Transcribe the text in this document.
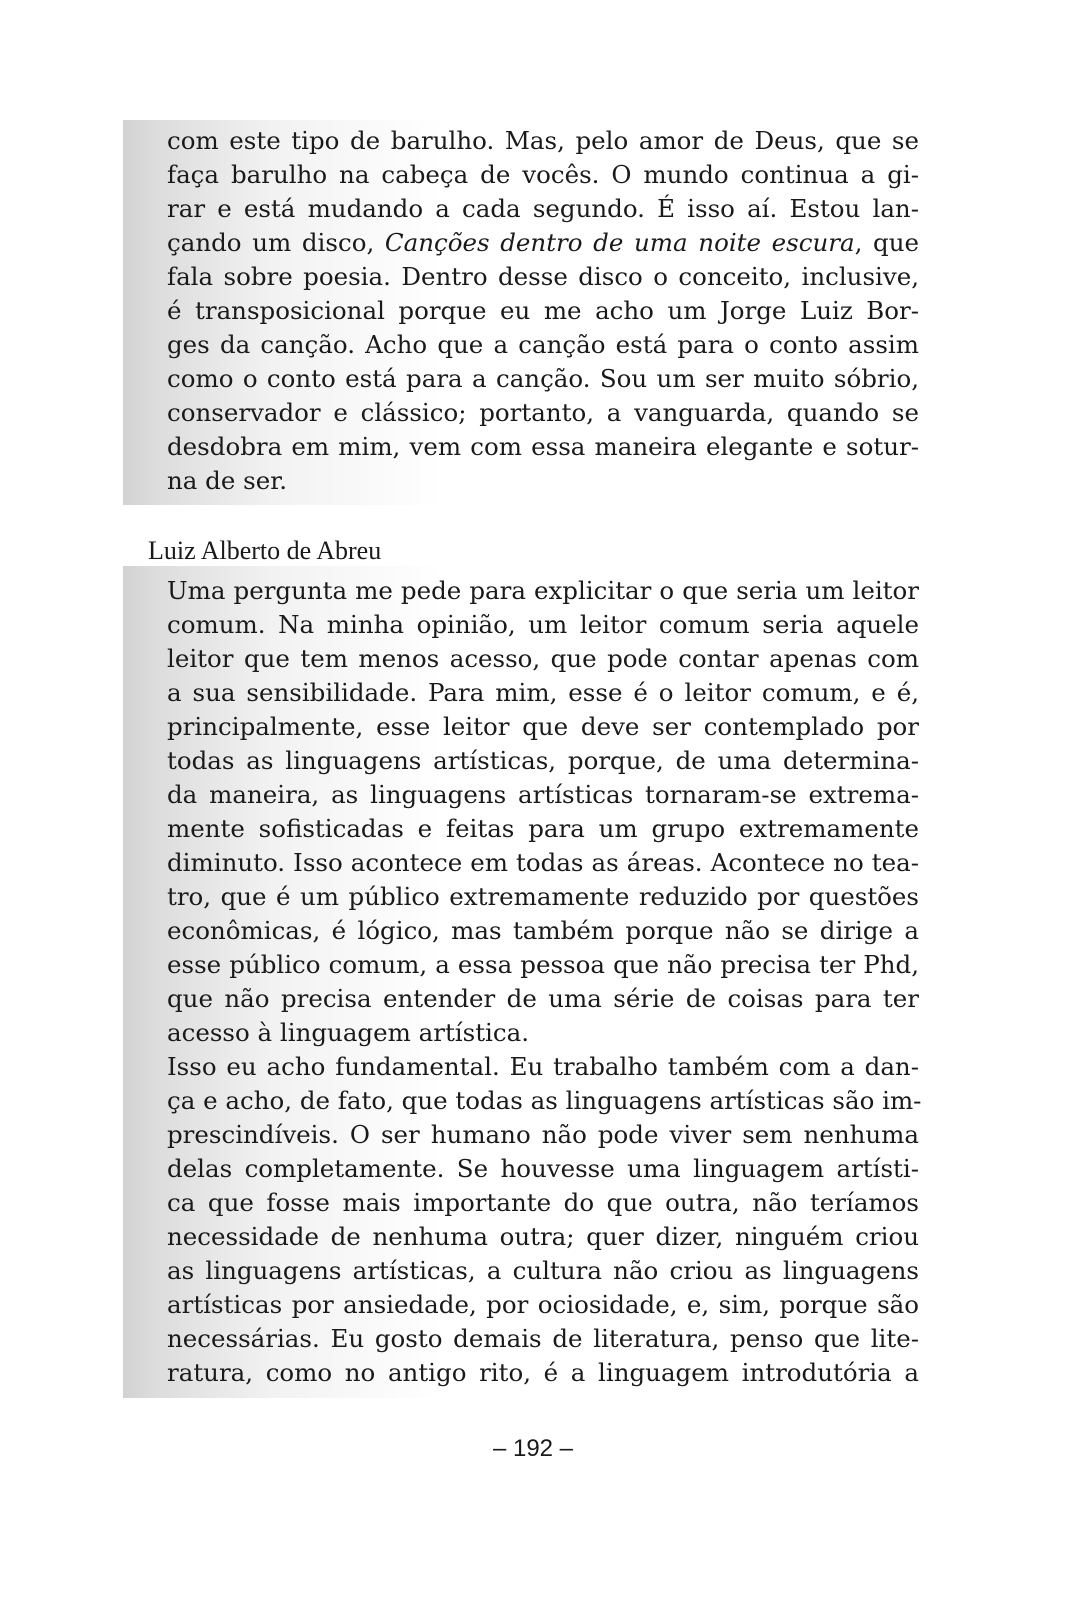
com este tipo de barulho. Mas, pelo amor de Deus, que se
faça barulho na cabeça de vocês. O mundo continua a gi-
rar e está mudando a cada segundo. É isso aí. Estou lan-
çando um disco, Canções dentro de uma noite escura, que
fala sobre poesia. Dentro desse disco o conceito, inclusive,
é transposicional porque eu me acho um Jorge Luiz Bor-
ges da canção. Acho que a canção está para o conto assim
como o conto está para a canção. Sou um ser muito sóbrio,
conservador e clássico; portanto, a vanguarda, quando se
desdobra em mim, vem com essa maneira elegante e sotur-
na de ser.
Luiz Alberto de Abreu
Uma pergunta me pede para explicitar o que seria um leitor
comum. Na minha opinião, um leitor comum seria aquele
leitor que tem menos acesso, que pode contar apenas com
a sua sensibilidade. Para mim, esse é o leitor comum, e é,
principalmente, esse leitor que deve ser contemplado por
todas as linguagens artísticas, porque, de uma determina-
da maneira, as linguagens artísticas tornaram-se extrema-
mente sofisticadas e feitas para um grupo extremamente
diminuto. Isso acontece em todas as áreas. Acontece no tea-
tro, que é um público extremamente reduzido por questões
econômicas, é lógico, mas também porque não se dirige a
esse público comum, a essa pessoa que não precisa ter Phd,
que não precisa entender de uma série de coisas para ter
acesso à linguagem artística.
Isso eu acho fundamental. Eu trabalho também com a dan-
ça e acho, de fato, que todas as linguagens artísticas são im-
prescindíveis. O ser humano não pode viver sem nenhuma
delas completamente. Se houvesse uma linguagem artísti-
ca que fosse mais importante do que outra, não teríamos
necessidade de nenhuma outra; quer dizer, ninguém criou
as linguagens artísticas, a cultura não criou as linguagens
artísticas por ansiedade, por ociosidade, e, sim, porque são
necessárias. Eu gosto demais de literatura, penso que lite-
ratura, como no antigo rito, é a linguagem introdutória a
– 192 –
